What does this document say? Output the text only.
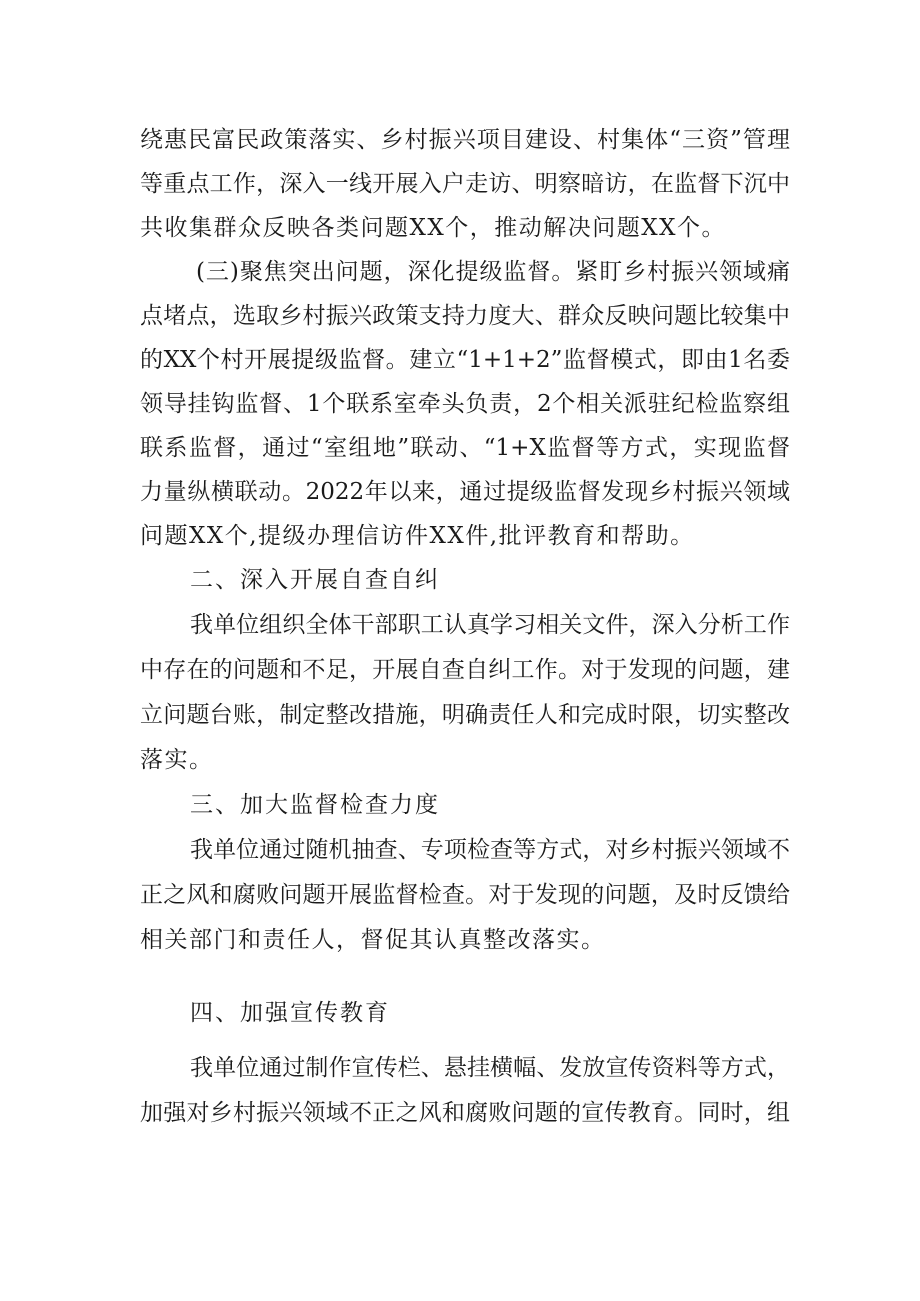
绕惠民富民政策落实、乡村振兴项目建设、村集体“三资”管理
等重点工作，深入一线开展入户走访、明察暗访，在监督下沉中
共收集群众反映各类问题XX个，推动解决问题XX个。
(三)聚焦突出问题，深化提级监督。紧盯乡村振兴领域痛
点堵点，选取乡村振兴政策支持力度大、群众反映问题比较集中
的XX个村开展提级监督。建立“1+1+2”监督模式，即由1名委
领导挂钩监督、1个联系室牵头负责，2个相关派驻纪检监察组
联系监督，通过“室组地”联动、“1+X监督等方式，实现监督
力量纵横联动。2022年以来，通过提级监督发现乡村振兴领域
问题XX个,提级办理信访件XX件,批评教育和帮助。
二、深入开展自查自纠
我单位组织全体干部职工认真学习相关文件，深入分析工作
中存在的问题和不足，开展自查自纠工作。对于发现的问题，建
立问题台账，制定整改措施，明确责任人和完成时限，切实整改
落实。
三、加大监督检查力度
我单位通过随机抽查、专项检查等方式，对乡村振兴领域不
正之风和腐败问题开展监督检查。对于发现的问题，及时反馈给
相关部门和责任人，督促其认真整改落实。
四、加强宣传教育
我单位通过制作宣传栏、悬挂横幅、发放宣传资料等方式，
加强对乡村振兴领域不正之风和腐败问题的宣传教育。同时，组
